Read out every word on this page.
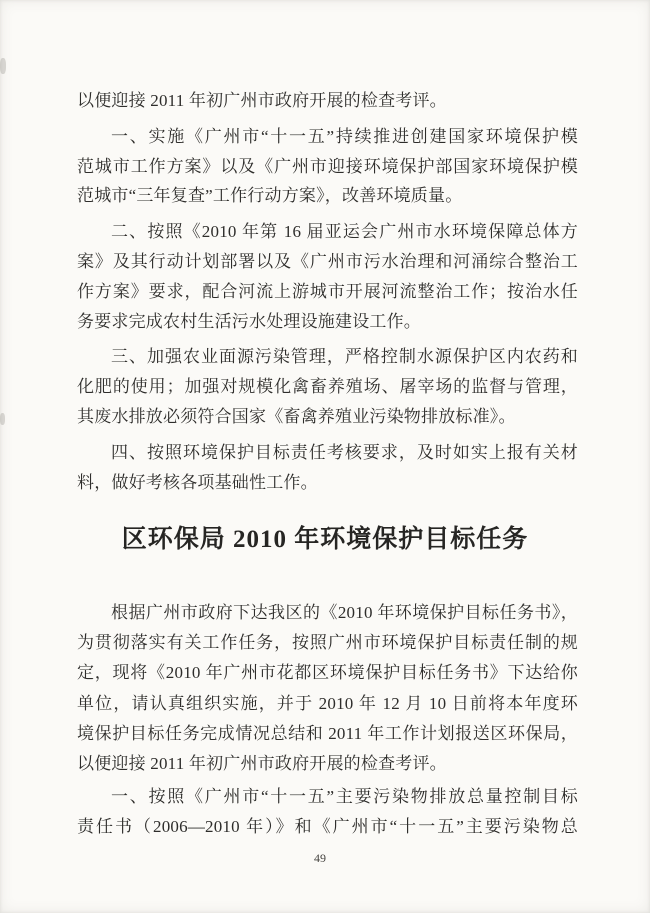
以便迎接 2011 年初广州市政府开展的检查考评。
一、实施《广州市“十一五”持续推进创建国家环境保护模
范城市工作方案》以及《广州市迎接环境保护部国家环境保护模
范城市“三年复查”工作行动方案》，改善环境质量。
二、按照《2010 年第 16 届亚运会广州市水环境保障总体方
案》及其行动计划部署以及《广州市污水治理和河涌综合整治工
作方案》要求，配合河流上游城市开展河流整治工作；按治水任
务要求完成农村生活污水处理设施建设工作。
三、加强农业面源污染管理，严格控制水源保护区内农药和
化肥的使用；加强对规模化禽畜养殖场、屠宰场的监督与管理，
其废水排放必须符合国家《畜禽养殖业污染物排放标准》。
四、按照环境保护目标责任考核要求，及时如实上报有关材
料，做好考核各项基础性工作。
区环保局 2010 年环境保护目标任务
根据广州市政府下达我区的《2010 年环境保护目标任务书》，
为贯彻落实有关工作任务，按照广州市环境保护目标责任制的规
定，现将《2010 年广州市花都区环境保护目标任务书》下达给你
单位，请认真组织实施，并于 2010 年 12 月 10 日前将本年度环
境保护目标任务完成情况总结和 2011 年工作计划报送区环保局，
以便迎接 2011 年初广州市政府开展的检查考评。
一、按照《广州市“十一五”主要污染物排放总量控制目标
责任书（2006—2010 年）》和《广州市“十一五”主要污染物总
49
